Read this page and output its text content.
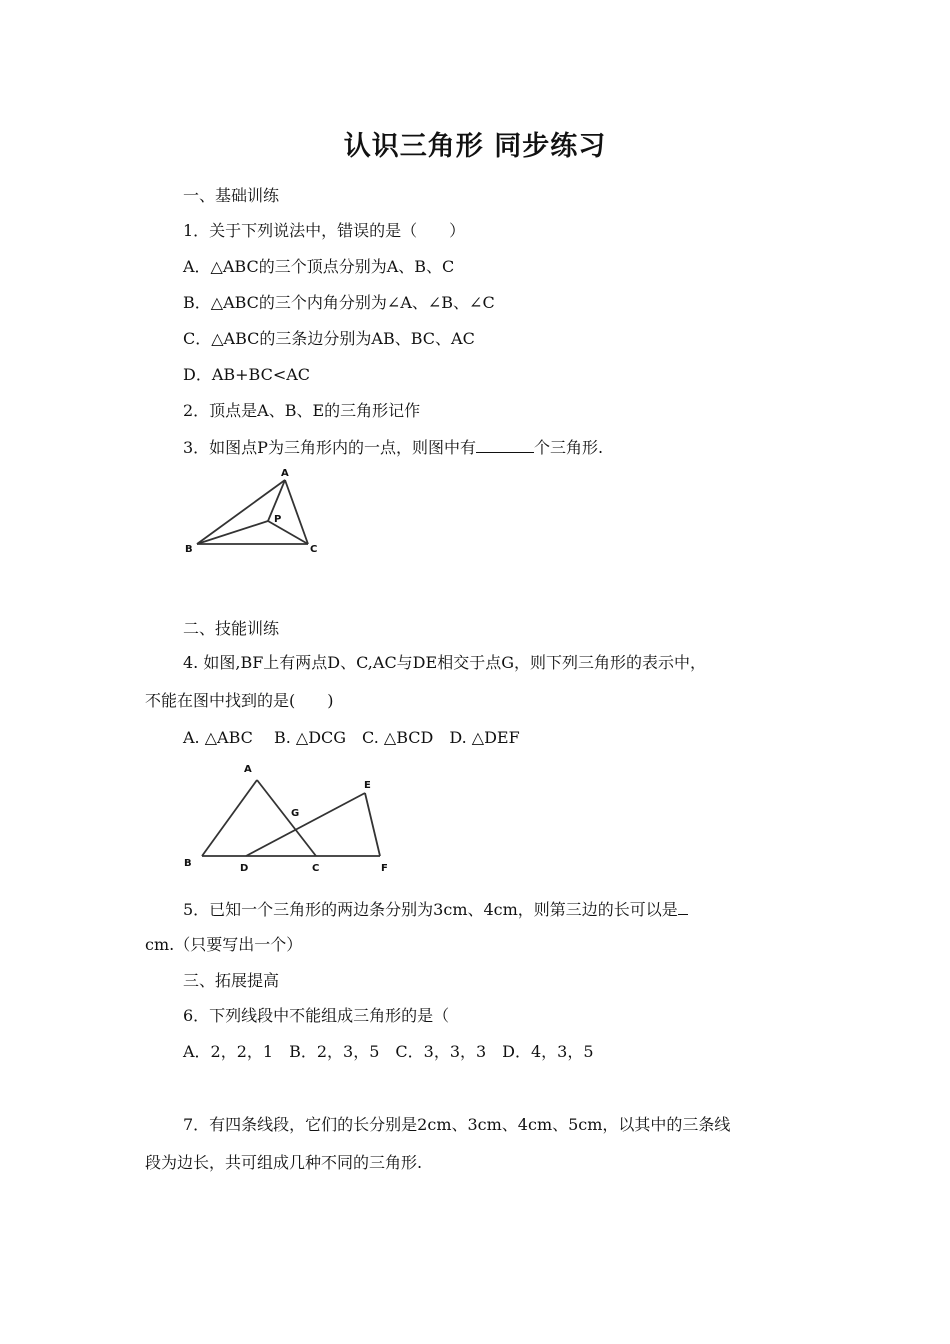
认识三角形 同步练习
一、基础训练
1．关于下列说法中，错误的是（　　）
A．△ABC的三个顶点分别为A、B、C
B．△ABC的三个内角分别为∠A、∠B、∠C
C．△ABC的三条边分别为AB、BC、AC
D．AB+BC<AC
2．顶点是A、B、E的三角形记作
3．如图点P为三角形内的一点，则图中有	个三角形.
A
B	C
P
二、技能训练
4. 如图,BF上有两点D、C,AC与DE相交于点G，则下列三角形的表示中，
不能在图中找到的是(　　)
A. △ABC　 B. △DCG　C. △BCD　D. △DEF
A
B	D	C
E
F
G
5．已知一个三角形的两边条分别为3cm、4cm，则第三边的长可以是
cm.（只要写出一个）
三、拓展提高
6．下列线段中不能组成三角形的是（
A．2，2，1　B．2，3，5　C．3，3，3　D．4，3，5
7．有四条线段，它们的长分别是2cm、3cm、4cm、5cm，以其中的三条线
段为边长，共可组成几种不同的三角形.
